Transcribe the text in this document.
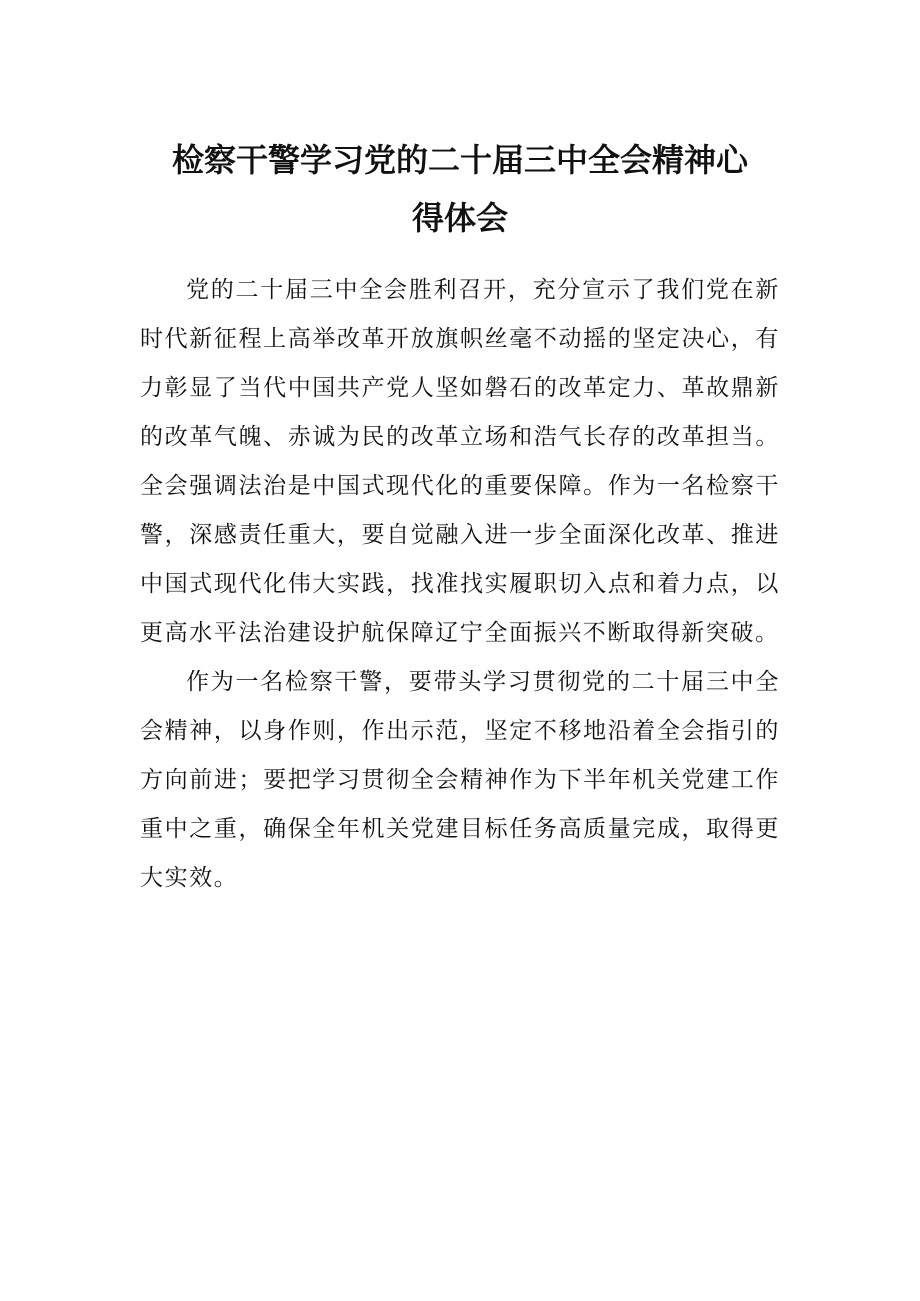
检察干警学习党的二十届三中全会精神心
得体会

党的二十届三中全会胜利召开，充分宣示了我们党在新时代新征程上高举改革开放旗帜丝毫不动摇的坚定决心，有力彰显了当代中国共产党人坚如磐石的改革定力、革故鼎新的改革气魄、赤诚为民的改革立场和浩气长存的改革担当。全会强调法治是中国式现代化的重要保障。作为一名检察干警，深感责任重大，要自觉融入进一步全面深化改革、推进中国式现代化伟大实践，找准找实履职切入点和着力点，以更高水平法治建设护航保障辽宁全面振兴不断取得新突破。

作为一名检察干警，要带头学习贯彻党的二十届三中全会精神，以身作则，作出示范，坚定不移地沿着全会指引的方向前进；要把学习贯彻全会精神作为下半年机关党建工作重中之重，确保全年机关党建目标任务高质量完成，取得更大实效。
